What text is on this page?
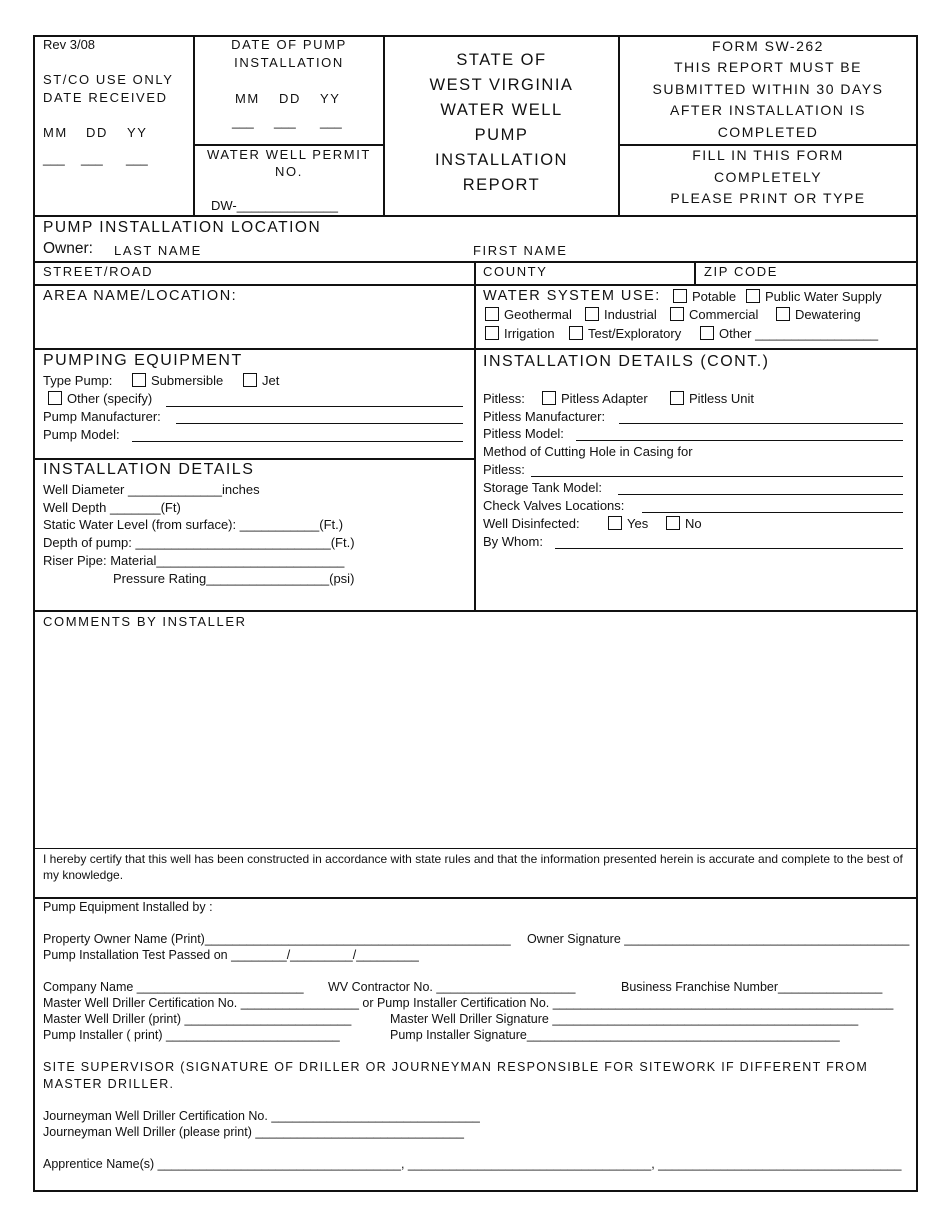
Rev 3/08
ST/CO USE ONLY
DATE RECEIVED
MM DD YY
___ ___ ___
DATE OF PUMP
INSTALLATION
MM DD YY
___ ___ ___
WATER WELL PERMIT
NO.
DW-______________
STATE OF
WEST VIRGINIA
WATER WELL
PUMP
INSTALLATION
REPORT
FORM SW-262
THIS REPORT MUST BE
SUBMITTED WITHIN 30 DAYS
AFTER INSTALLATION IS
COMPLETED
FILL IN THIS FORM
COMPLETELY
PLEASE PRINT OR TYPE
PUMP INSTALLATION LOCATION
Owner: LAST NAME	FIRST NAME
STREET/ROAD	COUNTY	ZIP CODE
AREA NAME/LOCATION:	WATER SYSTEM USE:	Potable	Public Water Supply
Geothermal	Industrial	Commercial	Dewatering
Irrigation	Test/Exploratory	Other _________________
PUMPING EQUIPMENT
Type Pump:	Submersible	Jet
Other (specify)
Pump Manufacturer:
Pump Model:
INSTALLATION DETAILS
Well Diameter _____________inches
Well Depth _______(Ft)
Static Water Level (from surface): ___________(Ft.)
Depth of pump: ___________________________(Ft.)
Riser Pipe: Material__________________________
Pressure Rating_________________(psi)
INSTALLATION DETAILS (CONT.)
Pitless:	Pitless Adapter	Pitless Unit
Pitless Manufacturer:
Pitless Model:
Method of Cutting Hole in Casing for
Pitless:
Storage Tank Model:
Check Valves Locations:
Well Disinfected:	Yes	No
By Whom:
COMMENTS BY INSTALLER
I hereby certify that this well has been constructed in accordance with state rules and that the information presented herein is accurate and complete to the best of my knowledge.
Pump Equipment Installed by :
Property Owner Name (Print)____________________________________________ Owner Signature _________________________________________
Pump Installation Test Passed on ________/_________/_________
Company Name ________________________ WV Contractor No. ____________________	Business Franchise Number_______________
Master Well Driller Certification No. _________________ or Pump Installer Certification No. _________________________________________________
Master Well Driller (print) ________________________	Master Well Driller Signature ____________________________________________
Pump Installer ( print) _________________________	Pump Installer Signature_____________________________________________
SITE SUPERVISOR (SIGNATURE OF DRILLER OR JOURNEYMAN RESPONSIBLE FOR SITEWORK IF DIFFERENT FROM MASTER DRILLER.
Journeyman Well Driller Certification No. ______________________________
Journeyman Well Driller (please print) ______________________________
Apprentice Name(s) ___________________________________, ___________________________________, ___________________________________
